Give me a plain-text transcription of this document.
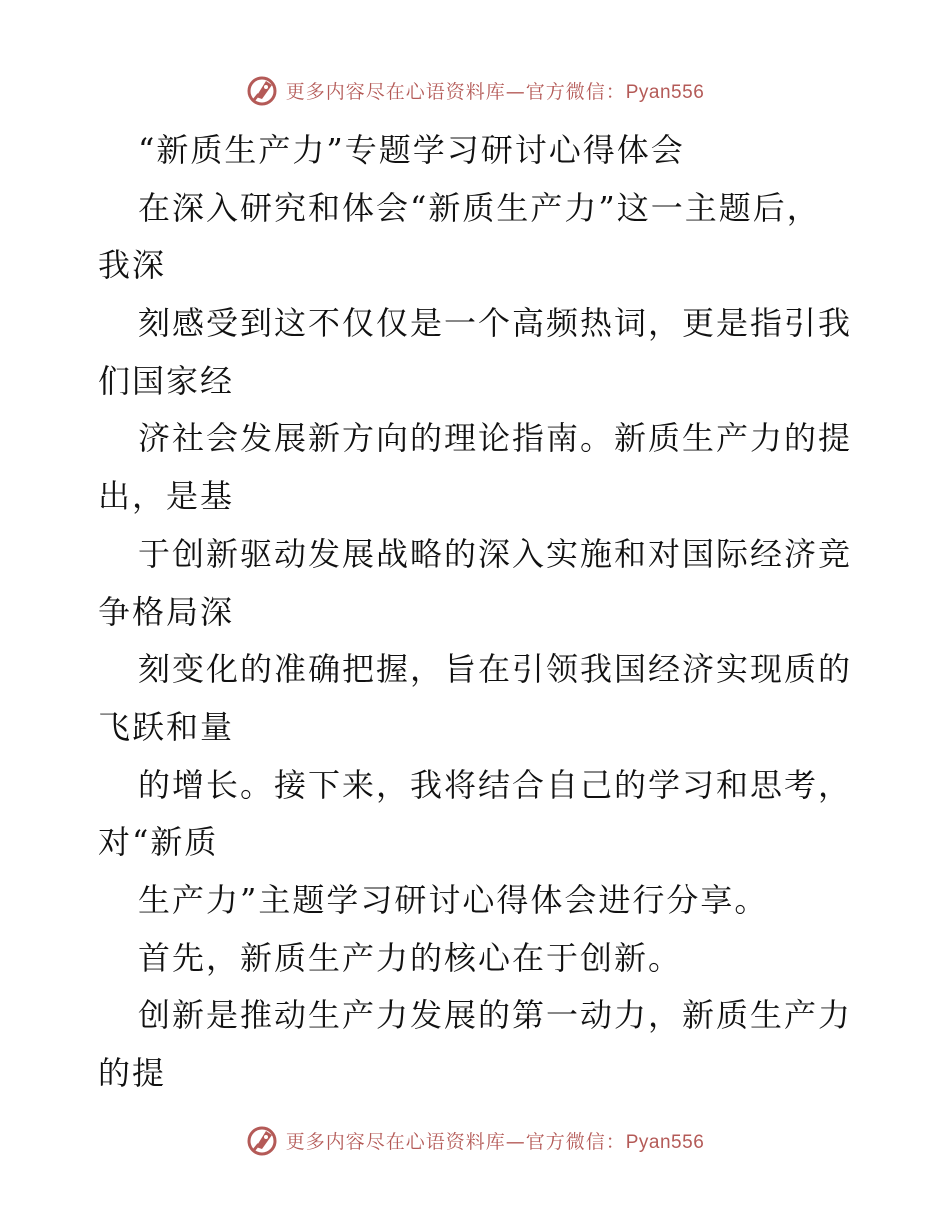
更多内容尽在心语资料库—官方微信：Pyan556
“新质生产力”专题学习研讨心得体会
在深入研究和体会“新质生产力”这一主题后，
我深
刻感受到这不仅仅是一个高频热词，更是指引我
们国家经
济社会发展新方向的理论指南。新质生产力的提
出，是基
于创新驱动发展战略的深入实施和对国际经济竞
争格局深
刻变化的准确把握，旨在引领我国经济实现质的
飞跃和量
的增长。接下来，我将结合自己的学习和思考，
对“新质
生产力”主题学习研讨心得体会进行分享。
首先，新质生产力的核心在于创新。
创新是推动生产力发展的第一动力，新质生产力
的提
更多内容尽在心语资料库—官方微信：Pyan556
